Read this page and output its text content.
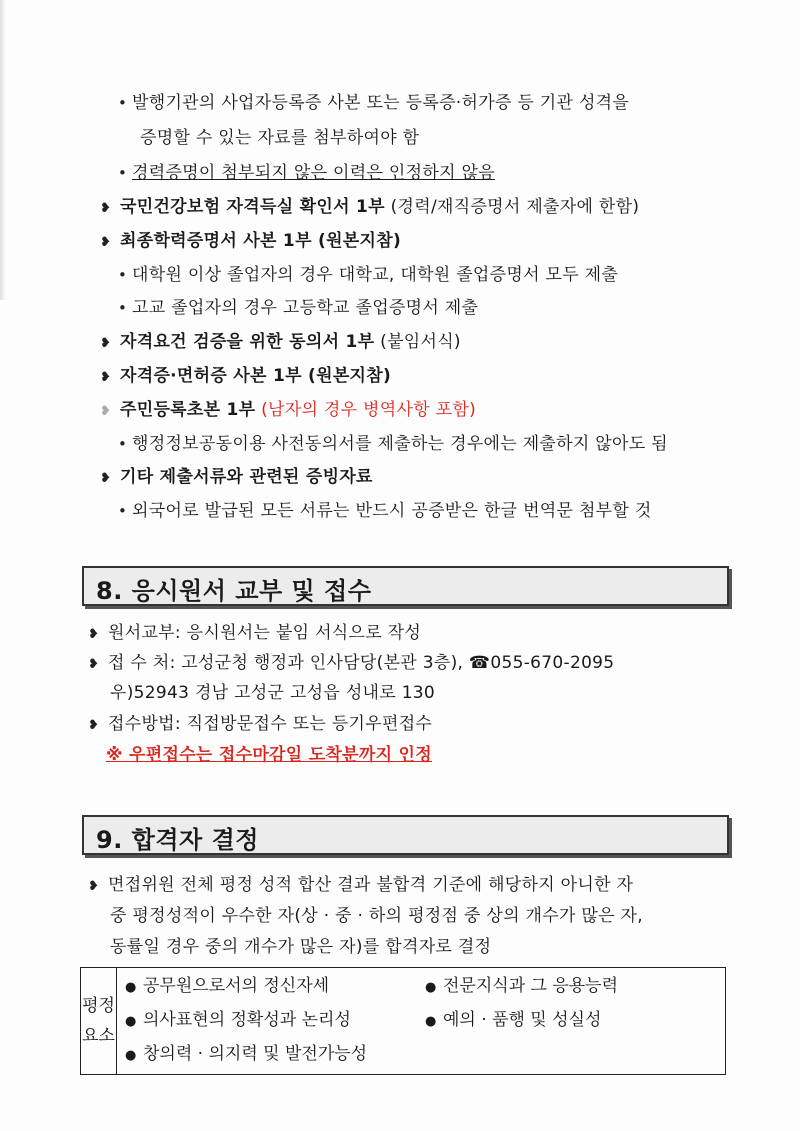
• 발행기관의 사업자등록증 사본 또는 등록증·허가증 등 기관 성격을
증명할 수 있는 자료를 첨부하여야 함
• 경력증명이 첨부되지 않은 이력은 인정하지 않음
❥ 국민건강보험 자격득실 확인서 1부 (경력/재직증명서 제출자에 한함)
❥ 최종학력증명서 사본 1부 (원본지참)
• 대학원 이상 졸업자의 경우 대학교, 대학원 졸업증명서 모두 제출
• 고교 졸업자의 경우 고등학교 졸업증명서 제출
❥ 자격요건 검증을 위한 동의서 1부 (붙임서식)
❥ 자격증·면허증 사본 1부 (원본지참)
❥ 주민등록초본 1부 (남자의 경우 병역사항 포함)
• 행정정보공동이용 사전동의서를 제출하는 경우에는 제출하지 않아도 됨
❥ 기타 제출서류와 관련된 증빙자료
• 외국어로 발급된 모든 서류는 반드시 공증받은 한글 번역문 첨부할 것
8. 응시원서 교부 및 접수
❥ 원서교부: 응시원서는 붙임 서식으로 작성
❥ 접 수 처: 고성군청 행정과 인사담당(본관 3층), ☎055-670-2095
우)52943 경남 고성군 고성읍 성내로 130
❥ 접수방법: 직접방문접수 또는 등기우편접수
※ 우편접수는 접수마감일 도착분까지 인정
9. 합격자 결정
❥ 면접위원 전체 평정 성적 합산 결과 불합격 기준에 해당하지 아니한 자
중 평정성적이 우수한 자(상 · 중 · 하의 평정점 중 상의 개수가 많은 자,
동률일 경우 중의 개수가 많은 자)를 합격자로 결정
평정
요소

● 공무원으로서의 정신자세	● 전문지식과 그 응용능력
● 의사표현의 정확성과 논리성	● 예의 · 품행 및 성실성
● 창의력 · 의지력 및 발전가능성
